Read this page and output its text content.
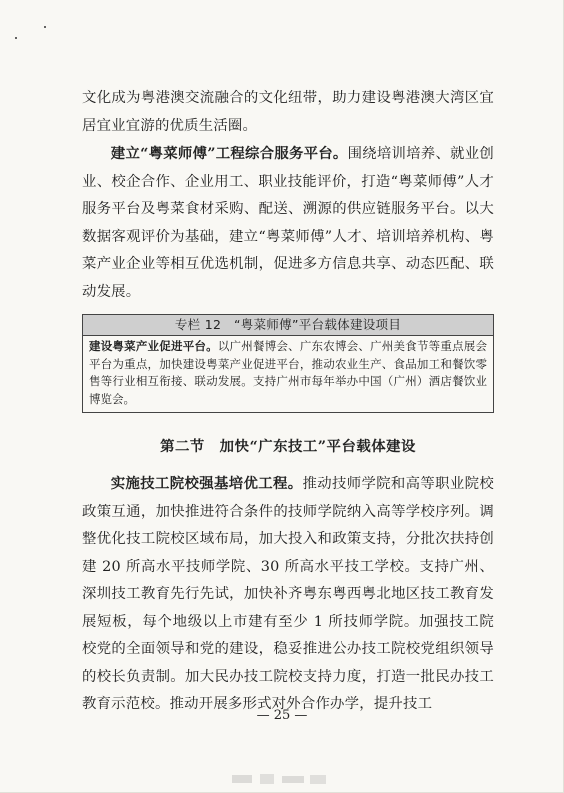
文化成为粤港澳交流融合的文化纽带，助力建设粤港澳大湾区宜居宜业宜游的优质生活圈。

建立“粤菜师傅”工程综合服务平台。围绕培训培养、就业创业、校企合作、企业用工、职业技能评价，打造“粤菜师傅”人才服务平台及粤菜食材采购、配送、溯源的供应链服务平台。以大数据客观评价为基础，建立“粤菜师傅”人才、培训培养机构、粤菜产业企业等相互优选机制，促进多方信息共享、动态匹配、联动发展。

专栏 12　“粤菜师傅”平台载体建设项目
建设粤菜产业促进平台。以广州餐博会、广东农博会、广州美食节等重点展会平台为重点，加快建设粤菜产业促进平台，推动农业生产、食品加工和餐饮零售等行业相互衔接、联动发展。支持广州市每年举办中国（广州）酒店餐饮业博览会。
第二节　加快“广东技工”平台载体建设

实施技工院校强基培优工程。推动技师学院和高等职业院校政策互通，加快推进符合条件的技师学院纳入高等学校序列。调整优化技工院校区域布局，加大投入和政策支持，分批次扶持创建 20 所高水平技师学院、30 所高水平技工学校。支持广州、深圳技工教育先行先试，加快补齐粤东粤西粤北地区技工教育发展短板，每个地级以上市建有至少 1 所技师学院。加强技工院校党的全面领导和党的建设，稳妥推进公办技工院校党组织领导的校长负责制。加大民办技工院校支持力度，打造一批民办技工教育示范校。推动开展多形式对外合作办学，提升技工

— 25 —
